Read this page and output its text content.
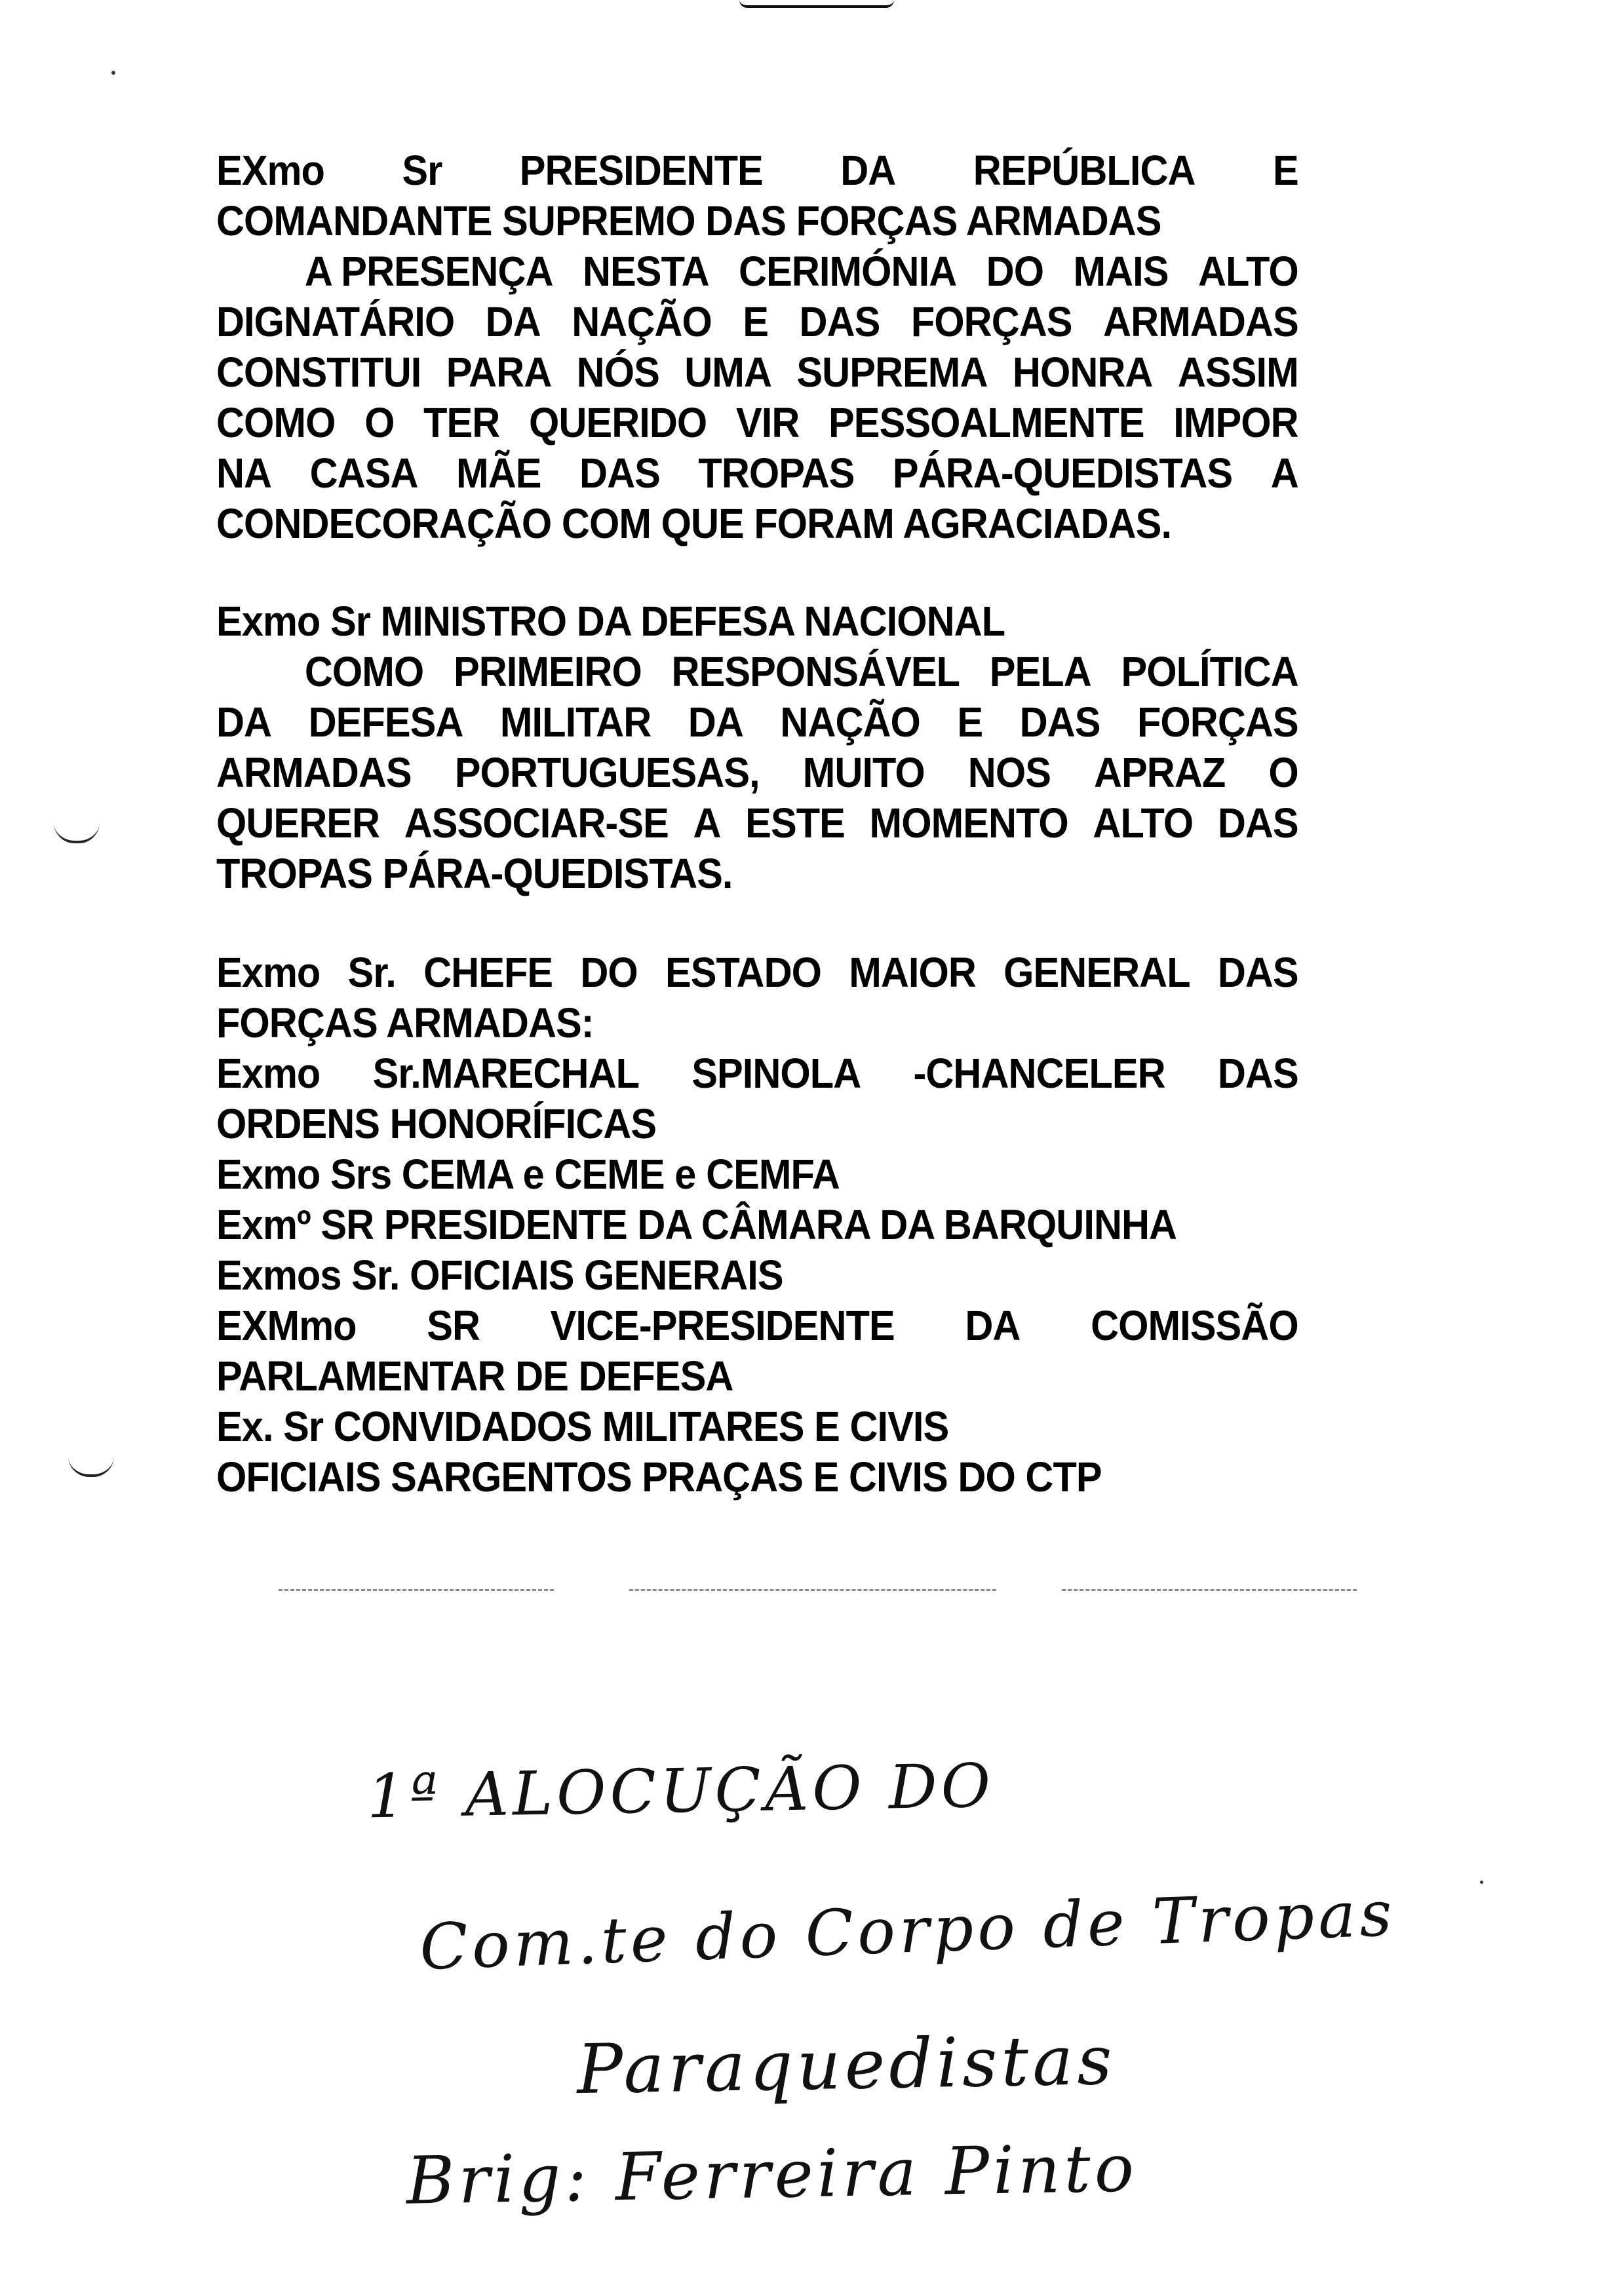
EXmo Sr PRESIDENTE DA REPÚBLICA E
COMANDANTE SUPREMO DAS FORÇAS ARMADAS
A PRESENÇA NESTA CERIMÓNIA DO MAIS ALTO
DIGNATÁRIO DA NAÇÃO E DAS FORÇAS ARMADAS
CONSTITUI PARA NÓS UMA SUPREMA HONRA ASSIM
COMO O TER QUERIDO VIR PESSOALMENTE IMPOR
NA CASA MÃE DAS TROPAS PÁRA-QUEDISTAS A
CONDECORAÇÃO COM QUE FORAM AGRACIADAS.
Exmo Sr MINISTRO DA DEFESA NACIONAL
COMO PRIMEIRO RESPONSÁVEL PELA POLÍTICA
DA DEFESA MILITAR DA NAÇÃO E DAS FORÇAS
ARMADAS PORTUGUESAS, MUITO NOS APRAZ O
QUERER ASSOCIAR-SE A ESTE MOMENTO ALTO DAS
TROPAS PÁRA-QUEDISTAS.
Exmo Sr. CHEFE DO ESTADO MAIOR GENERAL DAS
FORÇAS ARMADAS:
Exmo Sr.MARECHAL SPINOLA -CHANCELER DAS
ORDENS HONORÍFICAS
Exmo Srs CEMA e CEME e CEMFA
Exmº SR PRESIDENTE DA CÂMARA DA BARQUINHA
Exmos Sr. OFICIAIS GENERAIS
EXMmo SR VICE-PRESIDENTE DA COMISSÃO
PARLAMENTAR DE DEFESA
Ex. Sr CONVIDADOS MILITARES E CIVIS
OFICIAIS SARGENTOS PRAÇAS E CIVIS DO CTP
1ª ALOCUÇÃO DO
Com.te do Corpo de Tropas
Paraquedistas
Brig: Ferreira Pinto
